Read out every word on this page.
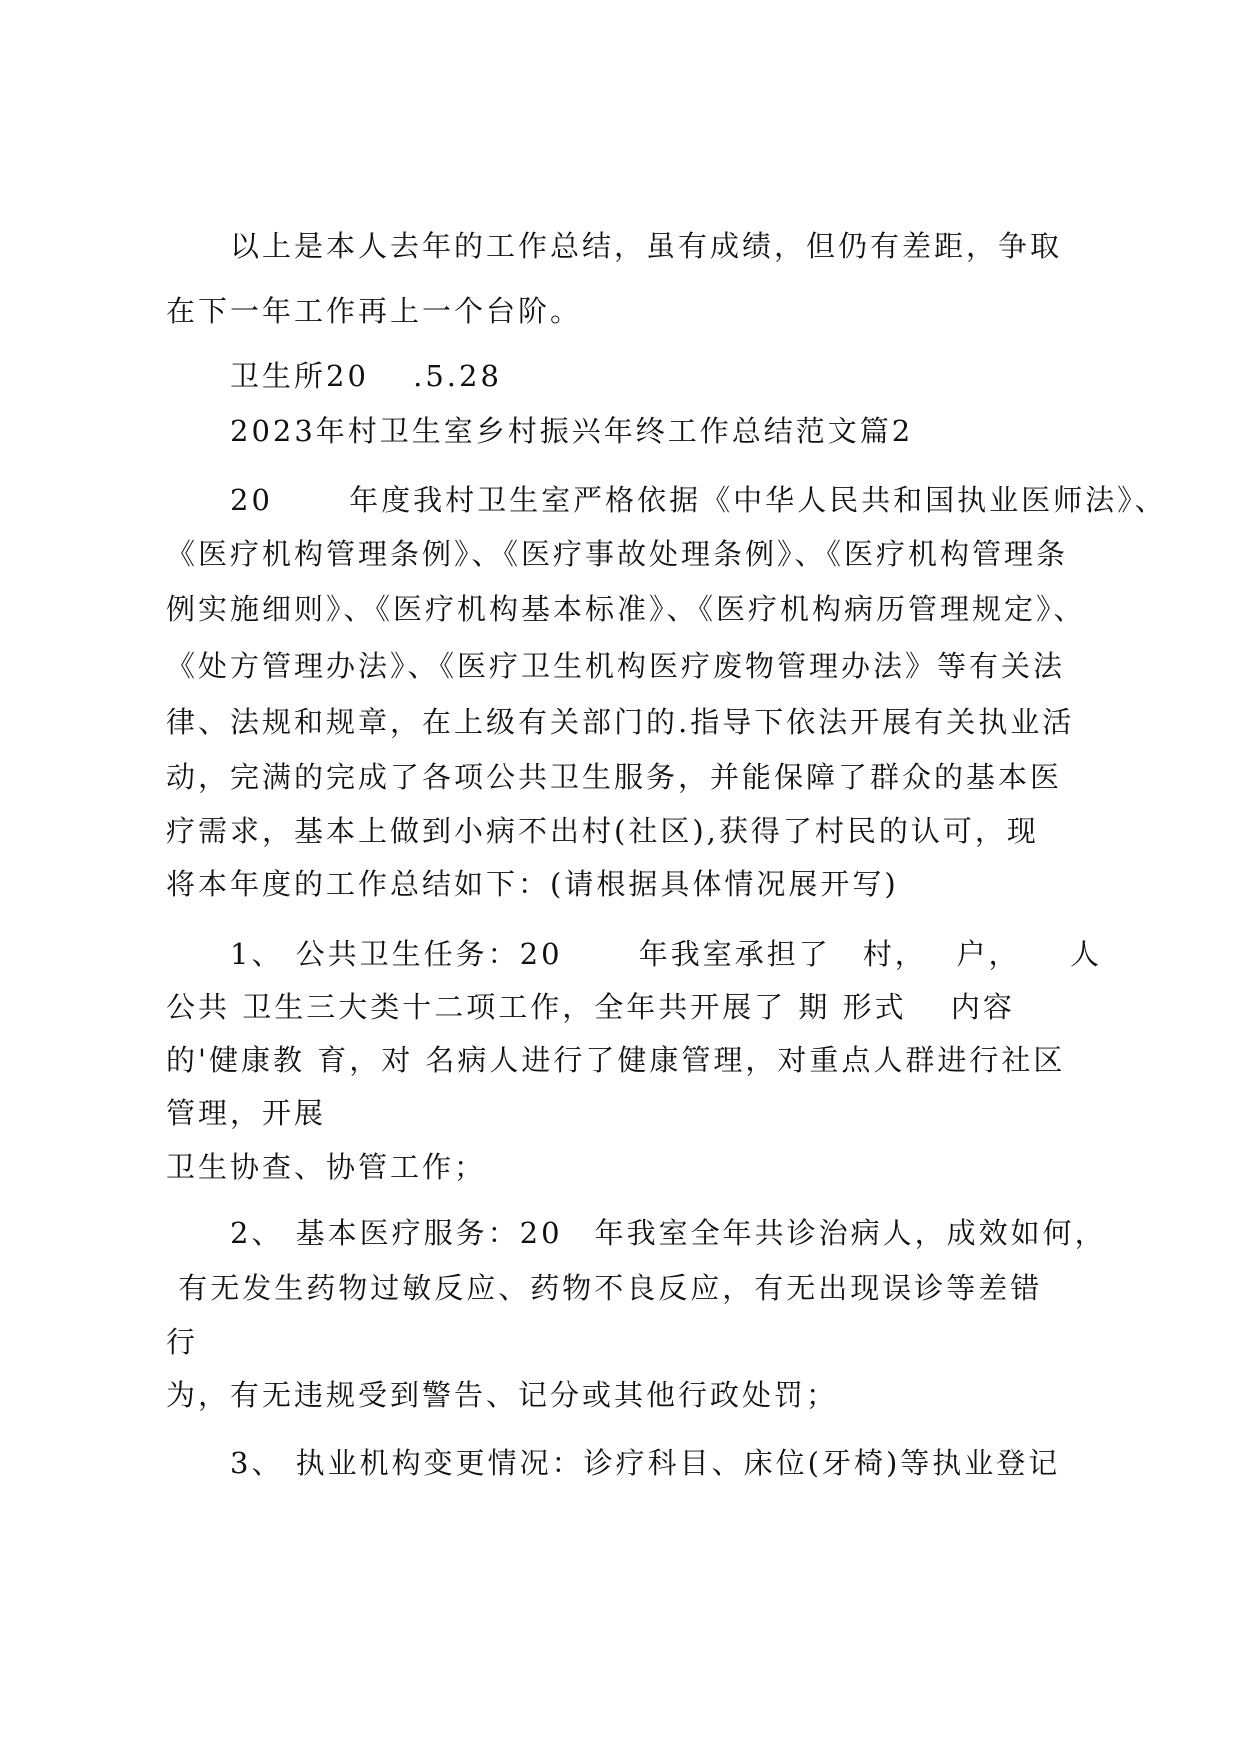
以上是本人去年的工作总结，虽有成绩，但仍有差距，争取
在下一年工作再上一个台阶。
卫生所20　 .5.28
2023年村卫生室乡村振兴年终工作总结范文篇2
20　　 年度我村卫生室严格依据《中华人民共和国执业医师法》、
《医疗机构管理条例》、《医疗事故处理条例》、《医疗机构管理条
例实施细则》、《医疗机构基本标准》、《医疗机构病历管理规定》、
《处方管理办法》、《医疗卫生机构医疗废物管理办法》等有关法
律、法规和规章，在上级有关部门的.指导下依法开展有关执业活
动，完满的完成了各项公共卫生服务，并能保障了群众的基本医
疗需求，基本上做到小病不出村(社区),获得了村民的认可，现
将本年度的工作总结如下：(请根据具体情况展开写)
1、 公共卫生任务：20　　 年我室承担了　村，　 户，　　人
公共 卫生三大类十二项工作，全年共开展了 期 形式　 内容
的'健康教 育，对 名病人进行了健康管理，对重点人群进行社区
管理，开展
卫生协查、协管工作；
2、 基本医疗服务：20　年我室全年共诊治病人，成效如何，
有无发生药物过敏反应、药物不良反应，有无出现误诊等差错
行
为，有无违规受到警告、记分或其他行政处罚；
3、 执业机构变更情况：诊疗科目、床位(牙椅)等执业登记
